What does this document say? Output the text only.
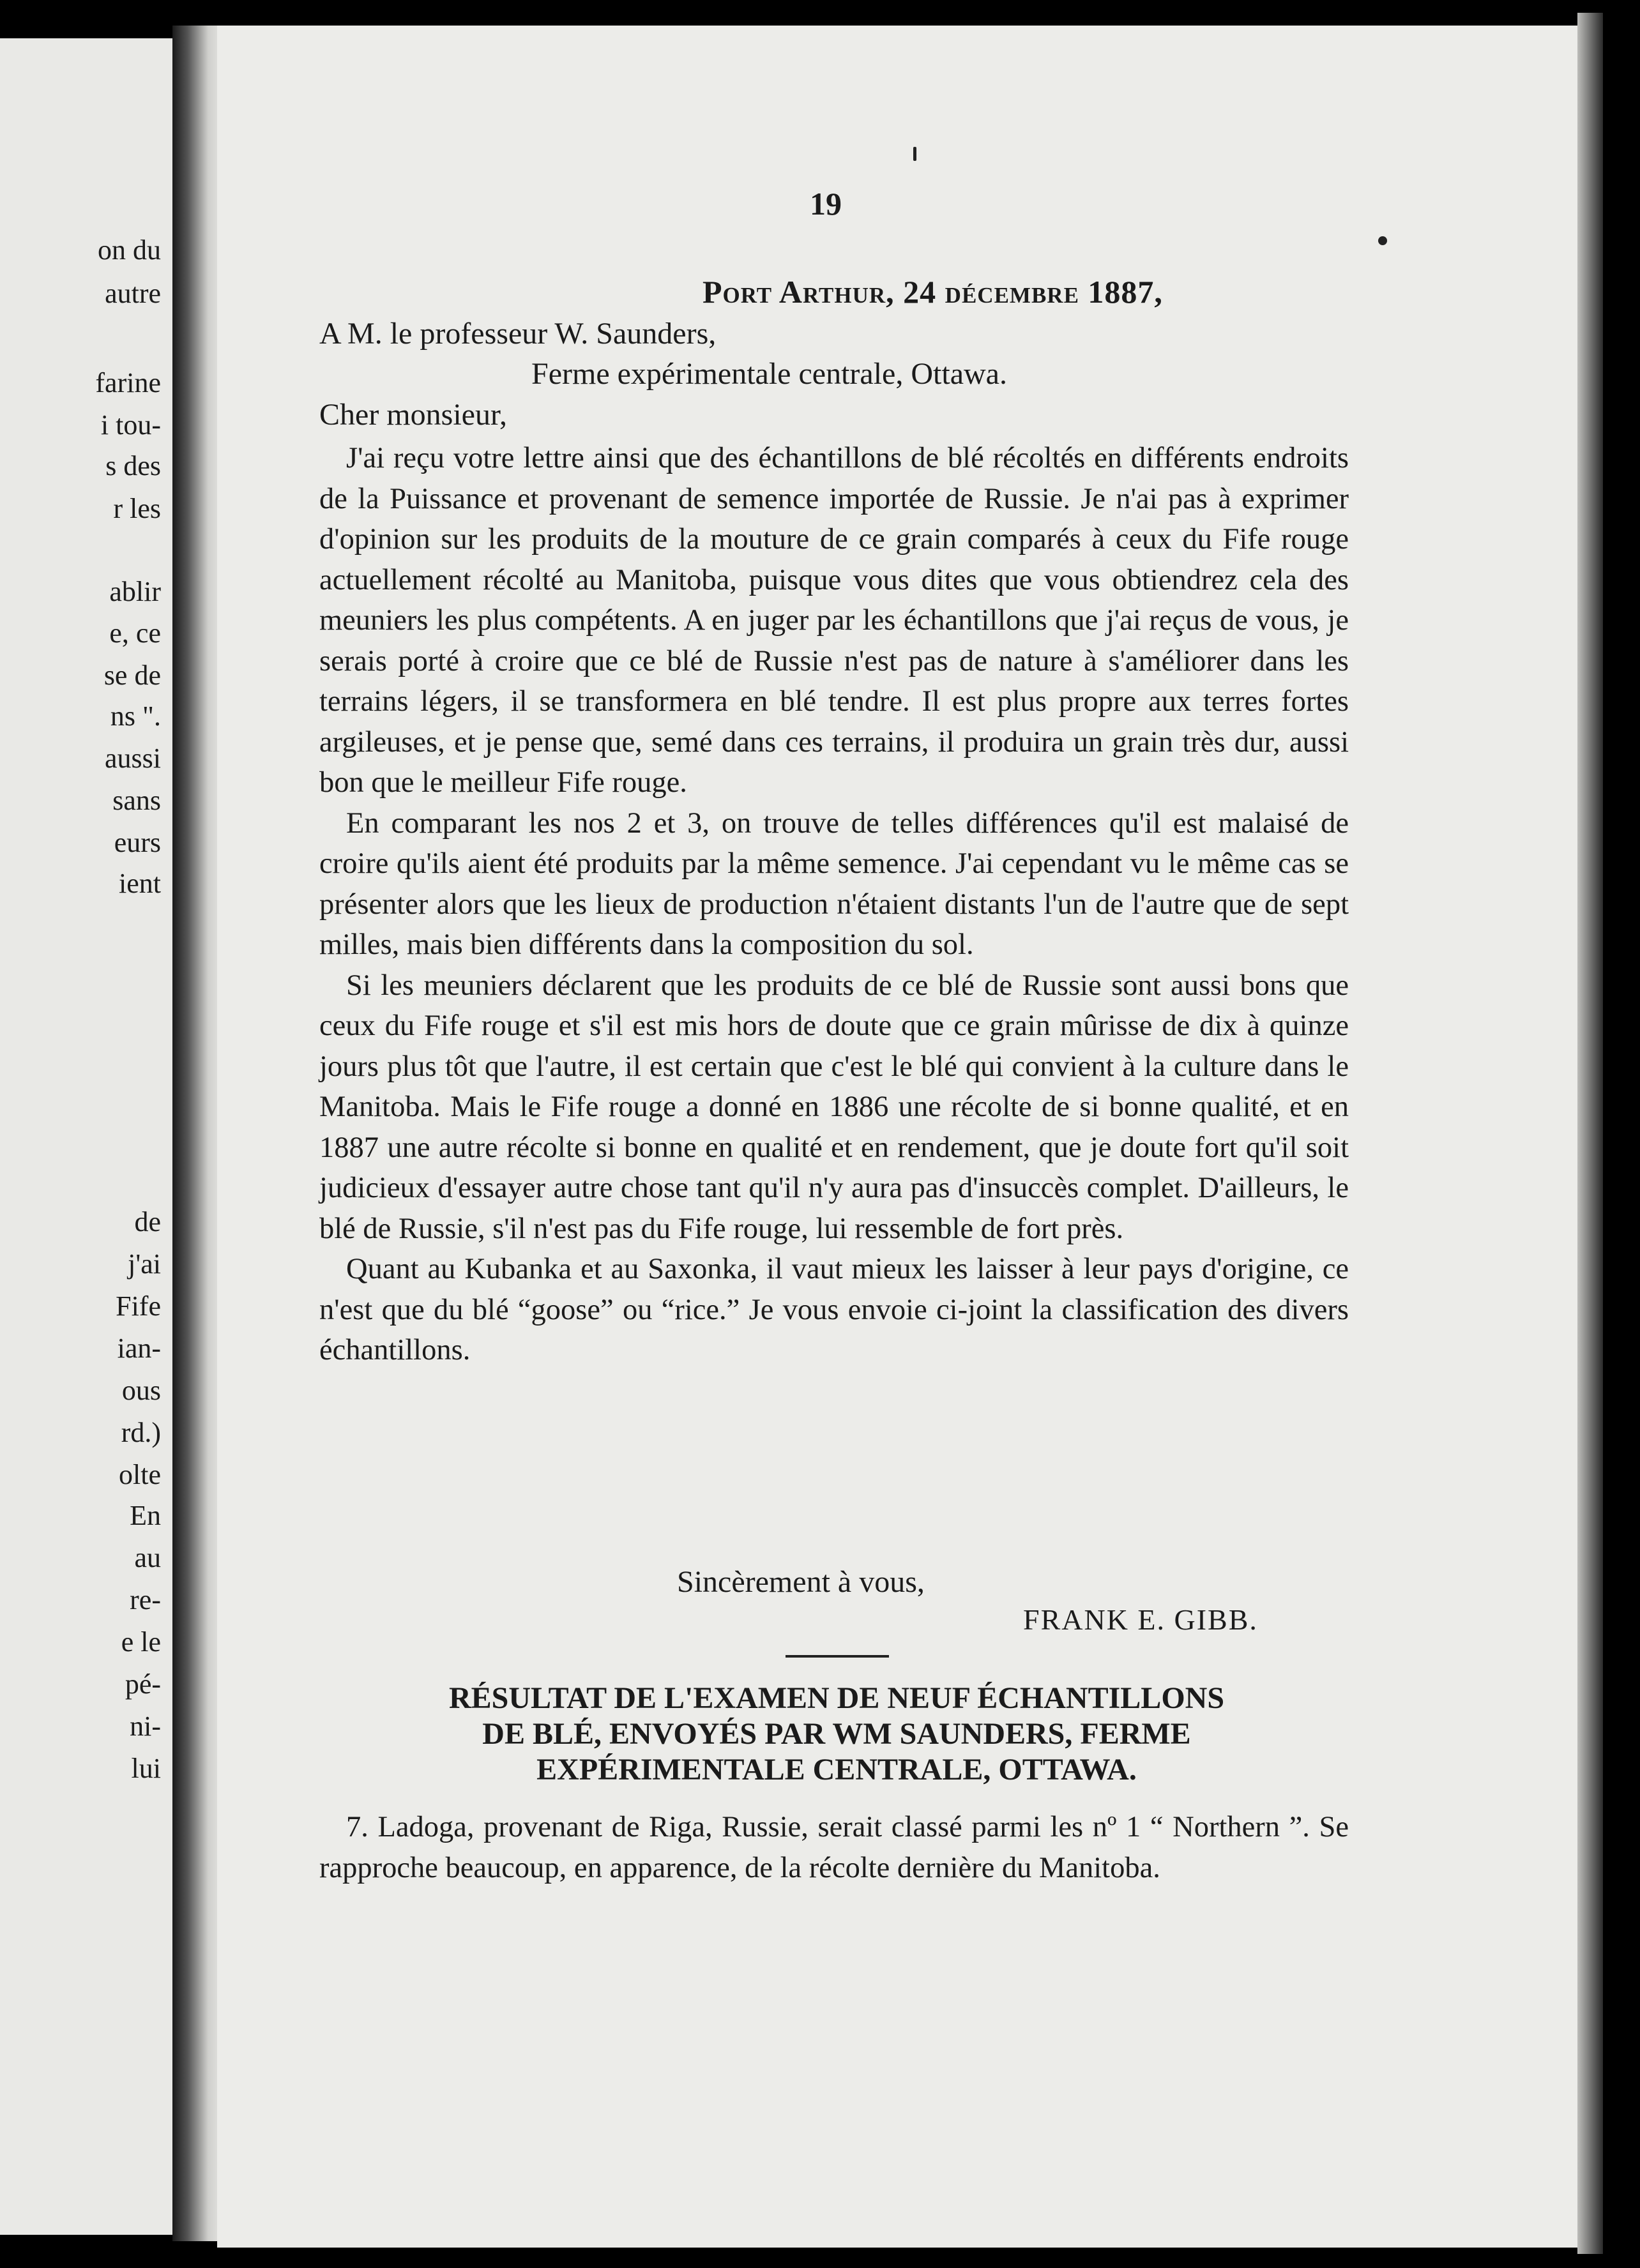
on du
autre
farine
i tou-
s des
r les
ablir
e, ce
se de
ns ".
aussi
sans
eurs
ient
de
j'ai
Fife
ian-
ous
rd.)
olte
En
au
re-
e le
pé-
ni-
lui
19
Port Arthur, 24 décembre 1887,
A M. le professeur W. Saunders,
Ferme expérimentale centrale, Ottawa.
Cher monsieur,

J'ai reçu votre lettre ainsi que des échantillons de blé récoltés en différents endroits de la Puissance et provenant de semence importée de Russie. Je n'ai pas à exprimer d'opinion sur les produits de la mouture de ce grain comparés à ceux du Fife rouge actuellement récolté au Manitoba, puisque vous dites que vous obtiendrez cela des meuniers les plus compétents. A en juger par les échantillons que j'ai reçus de vous, je serais porté à croire que ce blé de Russie n'est pas de nature à s'améliorer dans les terrains légers, il se transformera en blé tendre. Il est plus propre aux terres fortes argileuses, et je pense que, semé dans ces terrains, il produira un grain très dur, aussi bon que le meilleur Fife rouge.

En comparant les nos 2 et 3, on trouve de telles différences qu'il est malaisé de croire qu'ils aient été produits par la même semence. J'ai cependant vu le même cas se présenter alors que les lieux de production n'étaient distants l'un de l'autre que de sept milles, mais bien différents dans la composition du sol.

Si les meuniers déclarent que les produits de ce blé de Russie sont aussi bons que ceux du Fife rouge et s'il est mis hors de doute que ce grain mûrisse de dix à quinze jours plus tôt que l'autre, il est certain que c'est le blé qui convient à la culture dans le Manitoba. Mais le Fife rouge a donné en 1886 une récolte de si bonne qualité, et en 1887 une autre récolte si bonne en qualité et en rendement, que je doute fort qu'il soit judicieux d'essayer autre chose tant qu'il n'y aura pas d'insuccès complet. D'ailleurs, le blé de Russie, s'il n'est pas du Fife rouge, lui ressemble de fort près.

Quant au Kubanka et au Saxonka, il vaut mieux les laisser à leur pays d'origine, ce n'est que du blé “goose” ou “rice.” Je vous envoie ci-joint la classification des divers échantillons.

Sincèrement à vous,
FRANK E. GIBB.
RÉSULTAT DE L'EXAMEN DE NEUF ÉCHANTILLONS
DE BLÉ, ENVOYÉS PAR WM SAUNDERS, FERME
EXPÉRIMENTALE CENTRALE, OTTAWA.

7. Ladoga, provenant de Riga, Russie, serait classé parmi les nº 1 “ Northern ”. Se rapproche beaucoup, en apparence, de la récolte dernière du Manitoba.
